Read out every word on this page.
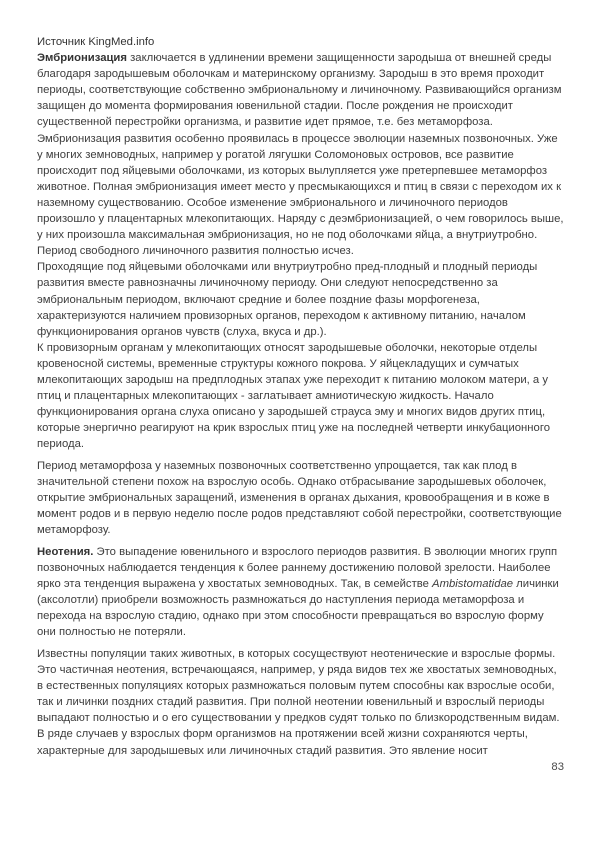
Источник KingMed.info

Эмбрионизация заключается в удлинении времени защищенности зародыша от внешней среды благодаря зародышевым оболочкам и материнскому организму. Зародыш в это время проходит периоды, соответствующие собственно эмбриональному и личиночному. Развивающийся организм защищен до момента формирования ювенильной стадии. После рождения не происходит существенной перестройки организма, и развитие идет прямое, т.е. без метаморфоза.

Эмбрионизация развития особенно проявилась в процессе эволюции наземных позвоночных. Уже у многих земноводных, например у рогатой лягушки Соломоновых островов, все развитие происходит под яйцевыми оболочками, из которых вылупляется уже претерпевшее метаморфоз животное. Полная эмбрионизация имеет место у пресмыкающихся и птиц в связи с переходом их к наземному существованию. Особое изменение эмбрионального и личиночного периодов произошло у плацентарных млекопитающих. Наряду с деэмбрионизацией, о чем говорилось выше, у них произошла максимальная эмбрионизация, но не под оболочками яйца, а внутриутробно. Период свободного личиночного развития полностью исчез.

Проходящие под яйцевыми оболочками или внутриутробно пред-плодный и плодный периоды развития вместе равнозначны личиночному периоду. Они следуют непосредственно за эмбриональным периодом, включают средние и более поздние фазы морфогенеза, характеризуются наличием провизорных органов, переходом к активному питанию, началом функционирования органов чувств (слуха, вкуса и др.).

К провизорным органам у млекопитающих относят зародышевые оболочки, некоторые отделы кровеносной системы, временные структуры кожного покрова. У яйцекладущих и сумчатых млекопитающих зародыш на предплодных этапах уже переходит к питанию молоком матери, а у птиц и плацентарных млекопитающих - заглатывает амниотическую жидкость. Начало функционирования органа слуха описано у зародышей страуса эму и многих видов других птиц, которые энергично реагируют на крик взрослых птиц уже на последней четверти инкубационного периода.

Период метаморфоза у наземных позвоночных соответственно упрощается, так как плод в значительной степени похож на взрослую особь. Однако отбрасывание зародышевых оболочек, открытие эмбриональных заращений, изменения в органах дыхания, кровообращения и в коже в момент родов и в первую неделю после родов представляют собой перестройки, соответствующие метаморфозу.

Неотения. Это выпадение ювенильного и взрослого периодов развития. В эволюции многих групп позвоночных наблюдается тенденция к более раннему достижению половой зрелости. Наиболее ярко эта тенденция выражена у хвостатых земноводных. Так, в семействе Ambistomatidae личинки (аксолотли) приобрели возможность размножаться до наступления периода метаморфоза и перехода на взрослую стадию, однако при этом способности превращаться во взрослую форму они полностью не потеряли.

Известны популяции таких животных, в которых сосуществуют неотенические и взрослые формы. Это частичная неотения, встречающаяся, например, у ряда видов тех же хвостатых земноводных, в естественных популяциях которых размножаться половым путем способны как взрослые особи, так и личинки поздних стадий развития. При полной неотении ювенильный и взрослый периоды выпадают полностью и о его существовании у предков судят только по близкородственным видам.

В ряде случаев у взрослых форм организмов на протяжении всей жизни сохраняются черты, характерные для зародышевых или личиночных стадий развития. Это явление носит

83
